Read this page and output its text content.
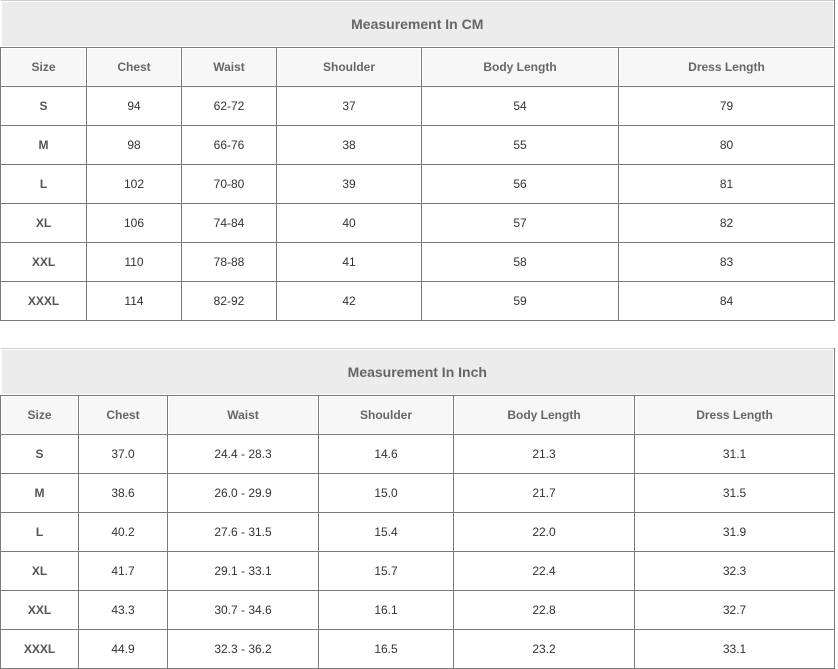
Measurement In CM					
Size	Chest	Waist	Shoulder	Body Length	Dress Length
S	94	62-72	37	54	79
M	98	66-76	38	55	80
L	102	70-80	39	56	81
XL	106	74-84	40	57	82
XXL	110	78-88	41	58	83
XXXL	114	82-92	42	59	84
Measurement In Inch					
Size	Chest	Waist	Shoulder	Body Length	Dress Length
S	37.0	24.4 - 28.3	14.6	21.3	31.1
M	38.6	26.0 - 29.9	15.0	21.7	31.5
L	40.2	27.6 - 31.5	15.4	22.0	31.9
XL	41.7	29.1 - 33.1	15.7	22.4	32.3
XXL	43.3	30.7 - 34.6	16.1	22.8	32.7
XXXL	44.9	32.3 - 36.2	16.5	23.2	33.1
